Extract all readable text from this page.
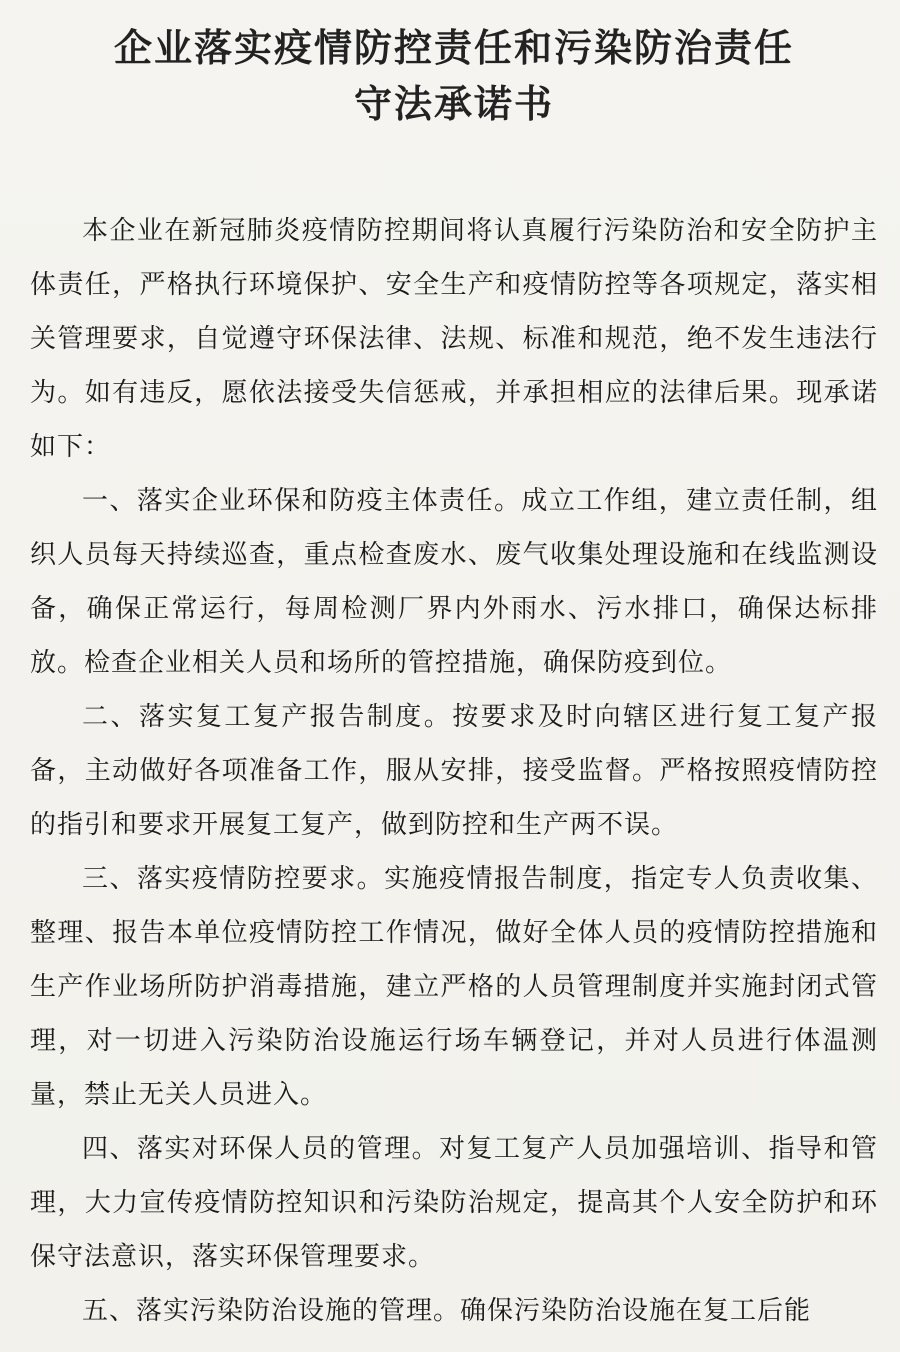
企业落实疫情防控责任和污染防治责任
守法承诺书

本企业在新冠肺炎疫情防控期间将认真履行污染防治和安全防护主体责任，严格执行环境保护、安全生产和疫情防控等各项规定，落实相关管理要求，自觉遵守环保法律、法规、标准和规范，绝不发生违法行为。如有违反，愿依法接受失信惩戒，并承担相应的法律后果。现承诺如下：

一、落实企业环保和防疫主体责任。成立工作组，建立责任制，组织人员每天持续巡查，重点检查废水、废气收集处理设施和在线监测设备，确保正常运行，每周检测厂界内外雨水、污水排口，确保达标排放。检查企业相关人员和场所的管控措施，确保防疫到位。

二、落实复工复产报告制度。按要求及时向辖区进行复工复产报备，主动做好各项准备工作，服从安排，接受监督。严格按照疫情防控的指引和要求开展复工复产，做到防控和生产两不误。

三、落实疫情防控要求。实施疫情报告制度，指定专人负责收集、整理、报告本单位疫情防控工作情况，做好全体人员的疫情防控措施和生产作业场所防护消毒措施，建立严格的人员管理制度并实施封闭式管理，对一切进入污染防治设施运行场车辆登记，并对人员进行体温测量，禁止无关人员进入。

四、落实对环保人员的管理。对复工复产人员加强培训、指导和管理，大力宣传疫情防控知识和污染防治规定，提高其个人安全防护和环保守法意识，落实环保管理要求。

五、落实污染防治设施的管理。确保污染防治设施在复工后能
